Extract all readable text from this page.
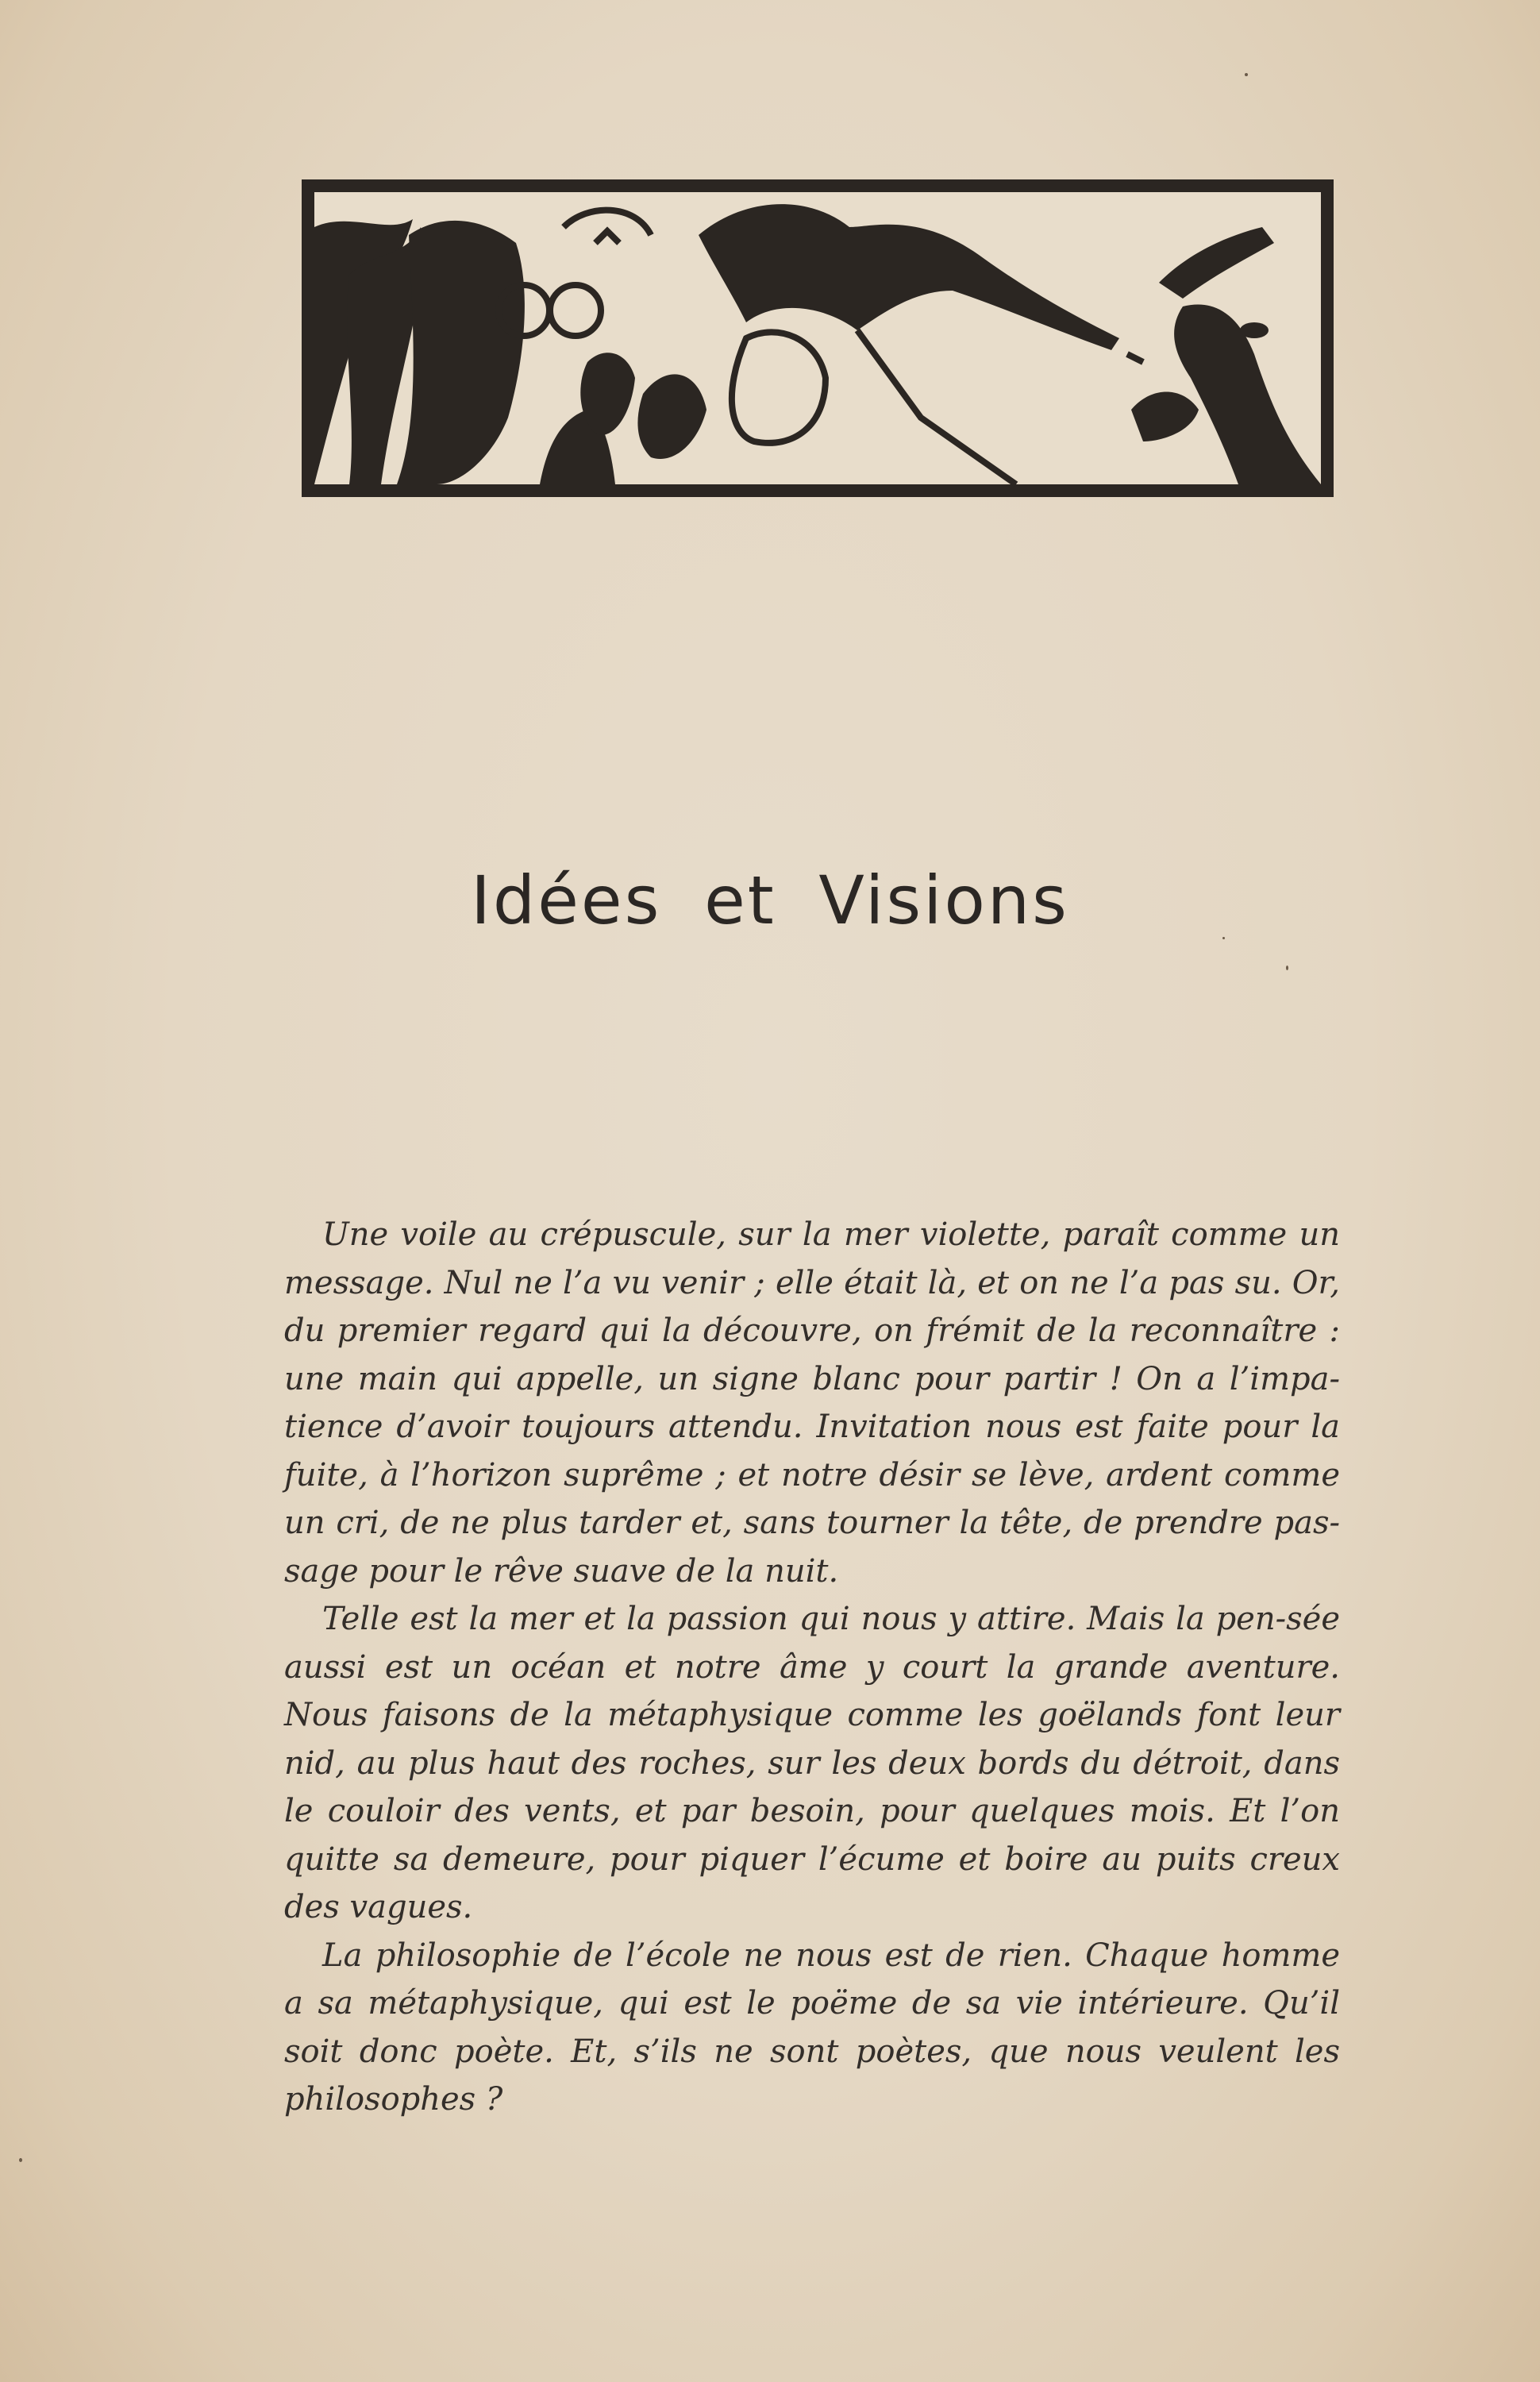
Idées et Visions

Une voile au crépuscule, sur la mer violette, paraît comme un message. Nul ne l’a vu venir ; elle était là, et on ne l’a pas su. Or, du premier regard qui la découvre, on frémit de la reconnaître : une main qui appelle, un signe blanc pour partir ! On a l’impa-tience d’avoir toujours attendu. Invitation nous est faite pour la fuite, à l’horizon suprême ; et notre désir se lève, ardent comme un cri, de ne plus tarder et, sans tourner la tête, de prendre pas-sage pour le rêve suave de la nuit.

Telle est la mer et la passion qui nous y attire. Mais la pen-sée aussi est un océan et notre âme y court la grande aventure. Nous faisons de la métaphysique comme les goëlands font leur nid, au plus haut des roches, sur les deux bords du détroit, dans le couloir des vents, et par besoin, pour quelques mois. Et l’on quitte sa demeure, pour piquer l’écume et boire au puits creux des vagues.

La philosophie de l’école ne nous est de rien. Chaque homme a sa métaphysique, qui est le poëme de sa vie intérieure. Qu’il soit donc poète. Et, s’ils ne sont poètes, que nous veulent les philosophes ?
